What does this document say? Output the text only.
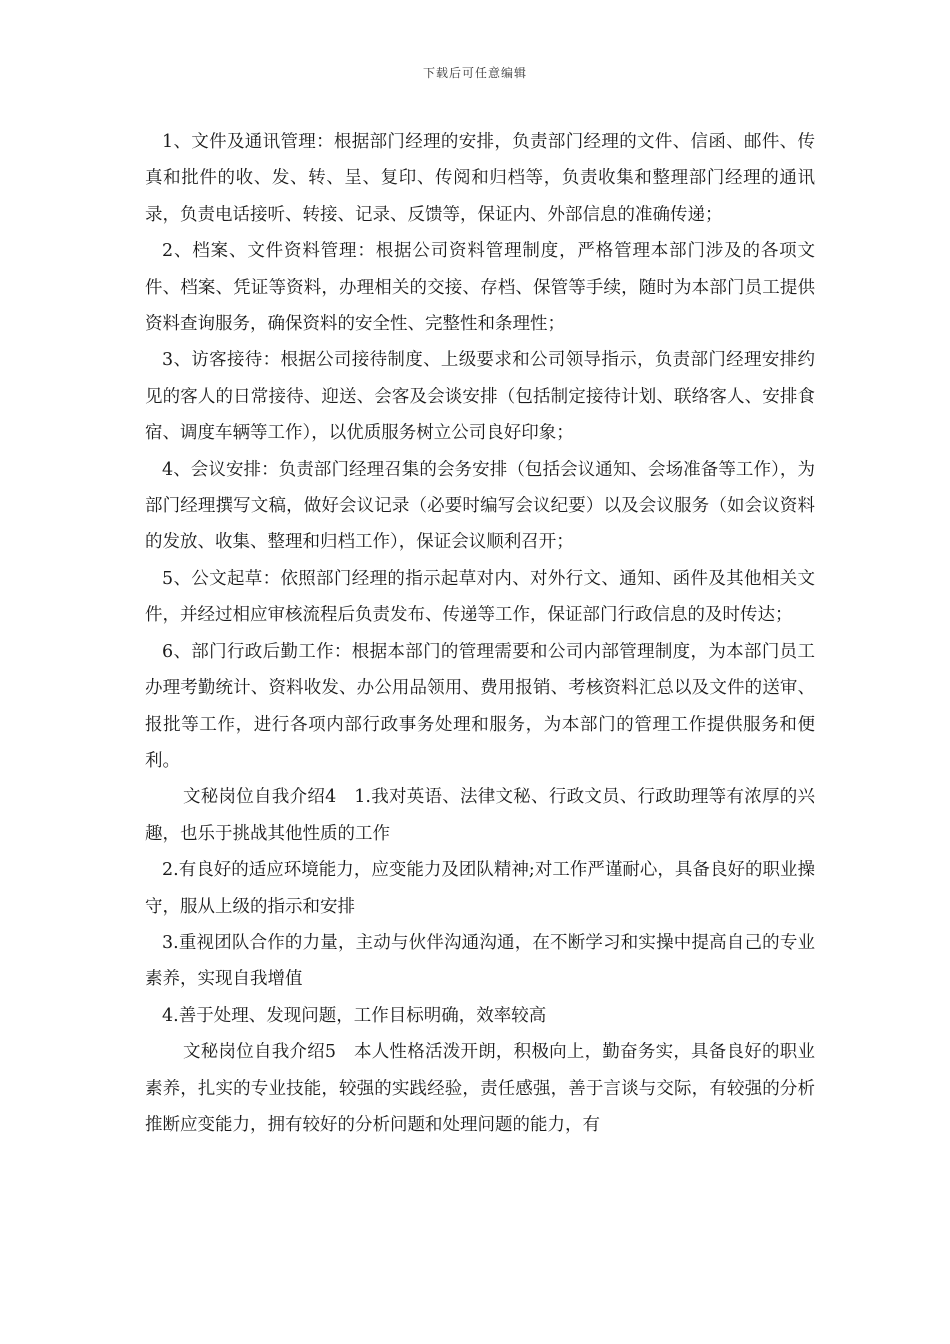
下载后可任意编辑

1、文件及通讯管理：根据部门经理的安排，负责部门经理的文件、信函、邮件、传真和批件的收、发、转、呈、复印、传阅和归档等，负责收集和整理部门经理的通讯录，负责电话接听、转接、记录、反馈等，保证内、外部信息的准确传递；

2、档案、文件资料管理：根据公司资料管理制度，严格管理本部门涉及的各项文件、档案、凭证等资料，办理相关的交接、存档、保管等手续，随时为本部门员工提供资料查询服务，确保资料的安全性、完整性和条理性；

3、访客接待：根据公司接待制度、上级要求和公司领导指示，负责部门经理安排约见的客人的日常接待、迎送、会客及会谈安排（包括制定接待计划、联络客人、安排食宿、调度车辆等工作），以优质服务树立公司良好印象；

4、会议安排：负责部门经理召集的会务安排（包括会议通知、会场准备等工作），为部门经理撰写文稿，做好会议记录（必要时编写会议纪要）以及会议服务（如会议资料的发放、收集、整理和归档工作），保证会议顺利召开；

5、公文起草：依照部门经理的指示起草对内、对外行文、通知、函件及其他相关文件，并经过相应审核流程后负责发布、传递等工作，保证部门行政信息的及时传达；

6、部门行政后勤工作：根据本部门的管理需要和公司内部管理制度，为本部门员工办理考勤统计、资料收发、办公用品领用、费用报销、考核资料汇总以及文件的送审、报批等工作，进行各项内部行政事务处理和服务，为本部门的管理工作提供服务和便利。

文秘岗位自我介绍4　1.我对英语、法律文秘、行政文员、行政助理等有浓厚的兴趣，也乐于挑战其他性质的工作

2.有良好的适应环境能力，应变能力及团队精神;对工作严谨耐心，具备良好的职业操守，服从上级的指示和安排

3.重视团队合作的力量，主动与伙伴沟通沟通，在不断学习和实操中提高自己的专业素养，实现自我增值

4.善于处理、发现问题，工作目标明确，效率较高

文秘岗位自我介绍5　本人性格活泼开朗，积极向上，勤奋务实，具备良好的职业素养，扎实的专业技能，较强的实践经验，责任感强，善于言谈与交际，有较强的分析推断应变能力，拥有较好的分析问题和处理问题的能力，有
